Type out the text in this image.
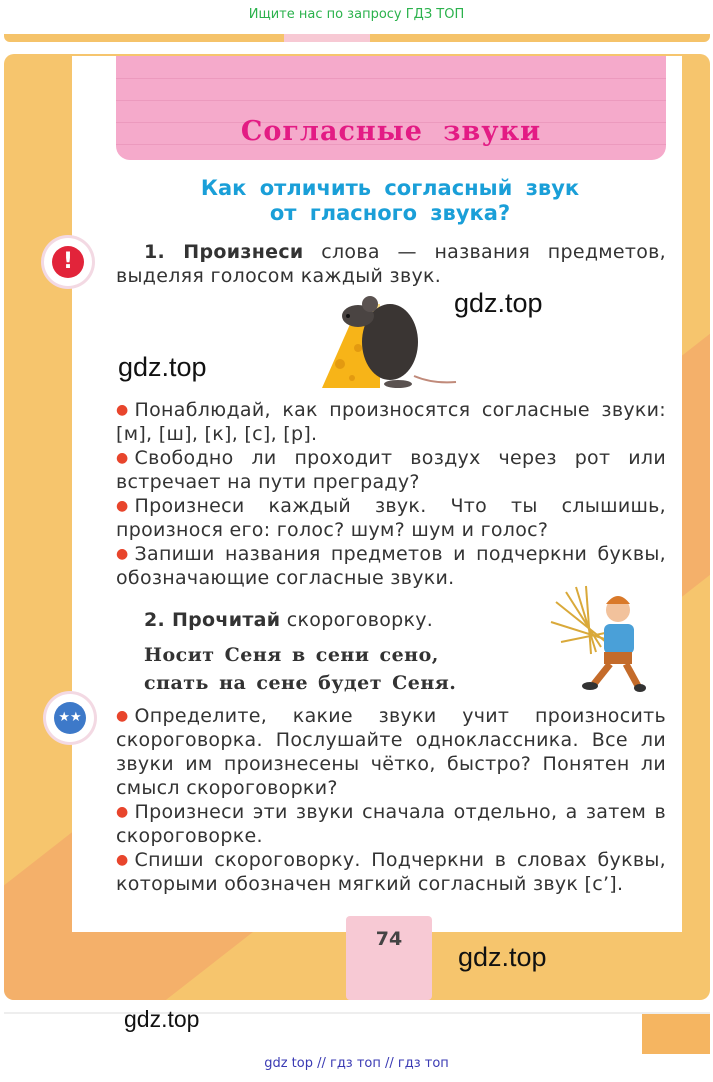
Ищите нас по запросу ГДЗ ТОП
Согласные звуки
Как отличить согласный звук
от гласного звука?
!	1. Произнеси слова — названия предметов, выделяя голосом каждый звук.
gdz.top
gdz.top
● Понаблюдай, как произносятся согласные звуки: [м], [ш], [к], [с], [р].
● Свободно ли проходит воздух через рот или встречает на пути преграду?
● Произнеси каждый звук. Что ты слышишь, произнося его: голос? шум? шум и голос?
● Запиши названия предметов и подчеркни буквы, обозначающие согласные звуки.
2. Прочитай скороговорку.
Носит Сеня в сени сено,
спать на сене будет Сеня.
★★	● Определите, какие звуки учит произносить скороговорка. Послушайте одноклассника. Все ли звуки им произнесены чётко, быстро? Понятен ли смысл скороговорки?
● Произнеси эти звуки сначала отдельно, а затем в скороговорке.
● Спиши скороговорку. Подчеркни в словах буквы, которыми обозначен мягкий согласный звук [с’].
74
gdz.top
gdz.top
gdz top // гдз топ // гдз топ
